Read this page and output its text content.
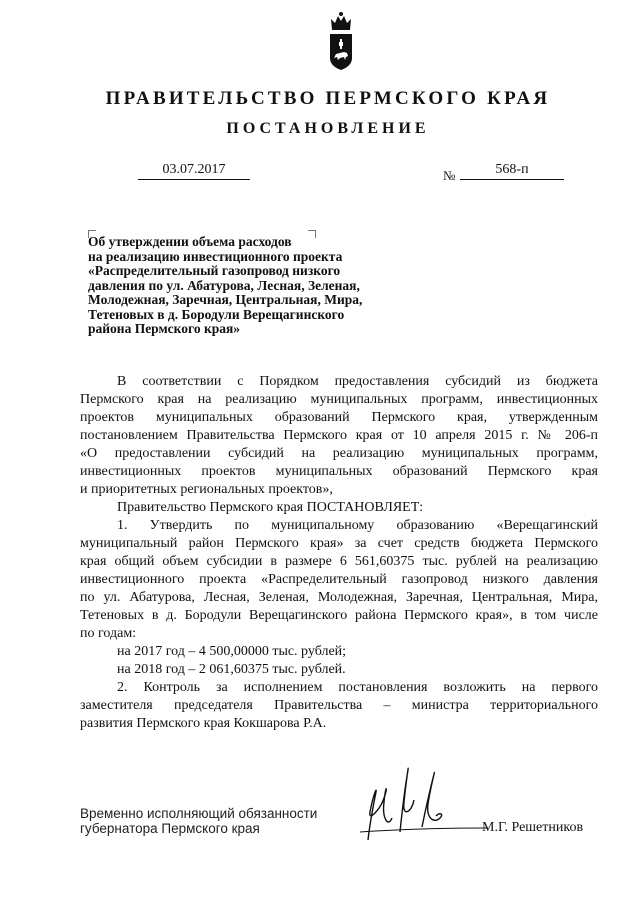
ПРАВИТЕЛЬСТВО ПЕРМСКОГО КРАЯ
ПОСТАНОВЛЕНИЕ
03.07.2017	№	568-п
Об утверждении объема расходов
на реализацию инвестиционного проекта
«Распределительный газопровод низкого
давления по ул. Абатурова, Лесная, Зеленая,
Молодежная, Заречная, Центральная, Мира,
Тетеновых в д. Бородули Верещагинского
района Пермского края»
В соответствии с Порядком предоставления субсидий из бюджета
Пермского края на реализацию муниципальных программ, инвестиционных
проектов муниципальных образований Пермского края, утвержденным
постановлением Правительства Пермского края от 10 апреля 2015 г. № 206-п
«О предоставлении субсидий на реализацию муниципальных программ,
инвестиционных проектов муниципальных образований Пермского края
и приоритетных региональных проектов»,
Правительство Пермского края ПОСТАНОВЛЯЕТ:
1. Утвердить по муниципальному образованию «Верещагинский
муниципальный район Пермского края» за счет средств бюджета Пермского
края общий объем субсидии в размере 6 561,60375 тыс. рублей на реализацию
инвестиционного проекта «Распределительный газопровод низкого давления
по ул. Абатурова, Лесная, Зеленая, Молодежная, Заречная, Центральная, Мира,
Тетеновых в д. Бородули Верещагинского района Пермского края», в том числе
по годам:
на 2017 год – 4 500,00000 тыс. рублей;
на 2018 год – 2 061,60375 тыс. рублей.
2. Контроль за исполнением постановления возложить на первого
заместителя председателя Правительства – министра территориального
развития Пермского края Кокшарова Р.А.
Временно исполняющий обязанности
губернатора Пермского края	М.Г. Решетников
